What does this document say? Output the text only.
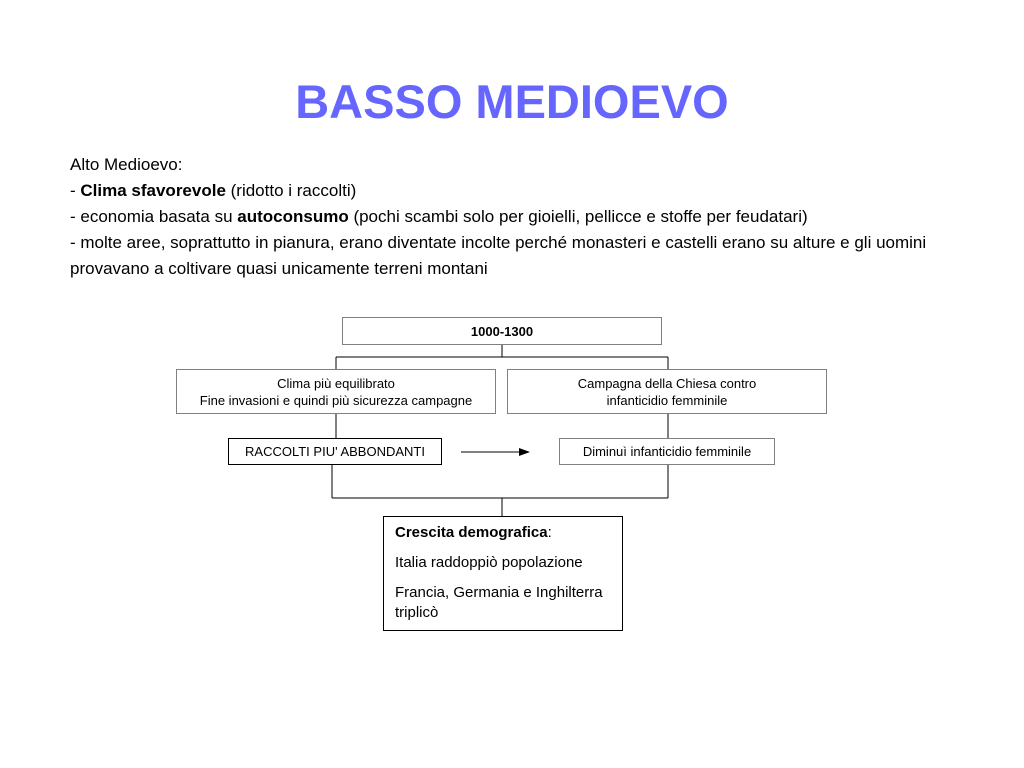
BASSO MEDIOEVO

Alto Medioevo:

- Clima sfavorevole (ridotto i raccolti)

- economia basata su autoconsumo (pochi scambi solo per gioielli, pellicce e stoffe per feudatari)

- molte aree, soprattutto in pianura, erano diventate incolte perché monasteri e castelli erano su alture e gli uomini provavano a coltivare quasi unicamente terreni montani

1000-1300
Clima più equilibrato
Fine invasioni e quindi più sicurezza campagne
Campagna della Chiesa contro
infanticidio femminile
RACCOLTI PIU' ABBONDANTI	Diminuì infanticidio femminile

Crescita demografica:

Italia raddoppiò popolazione

Francia, Germania e Inghilterra triplicò
